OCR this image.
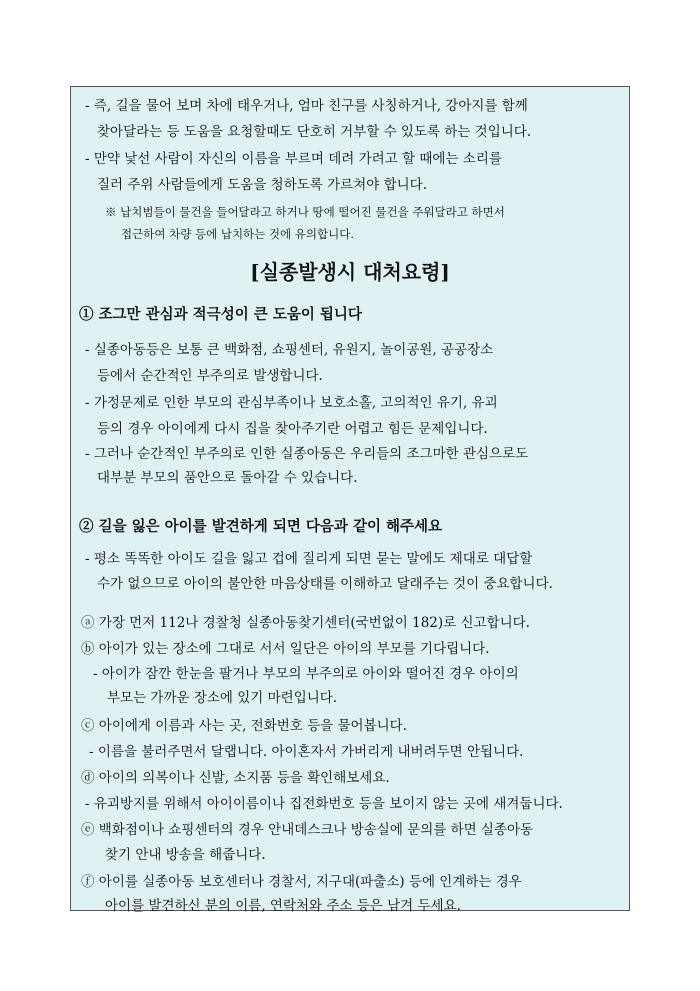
- 즉, 길을 물어 보며 차에 태우거나, 엄마 친구를 사칭하거나, 강아지를 함께
찾아달라는 등 도움을 요청할때도 단호히 거부할 수 있도록 하는 것입니다.
- 만약 낯선 사람이 자신의 이름을 부르며 데려 가려고 할 때에는 소리를
질러 주위 사람들에게 도움을 청하도록 가르쳐야 합니다.
※ 납치범들이 물건을 들어달라고 하거나 땅에 떨어진 물건을 주워달라고 하면서
접근하여 차량 등에 납치하는 것에 유의합니다.
[실종발생시 대처요령]
① 조그만 관심과 적극성이 큰 도움이 됩니다
- 실종아동등은 보통 큰 백화점, 쇼핑센터, 유원지, 놀이공원, 공공장소
등에서 순간적인 부주의로 발생합니다.
- 가정문제로 인한 부모의 관심부족이나 보호소홀, 고의적인 유기, 유괴
등의 경우 아이에게 다시 집을 찾아주기란 어렵고 힘든 문제입니다.
- 그러나 순간적인 부주의로 인한 실종아동은 우리들의 조그마한 관심으로도
대부분 부모의 품안으로 돌아갈 수 있습니다.
② 길을 잃은 아이를 발견하게 되면 다음과 같이 해주세요
- 평소 똑똑한 아이도 길을 잃고 겁에 질리게 되면 묻는 말에도 제대로 대답할
수가 없으므로 아이의 불안한 마음상태를 이해하고 달래주는 것이 중요합니다.
ⓐ 가장 먼저 112나 경찰청 실종아동찾기센터(국번없이 182)로 신고합니다.
ⓑ 아이가 있는 장소에 그대로 서서 일단은 아이의 부모를 기다립니다.
- 아이가 잠깐 한눈을 팔거나 부모의 부주의로 아이와 떨어진 경우 아이의
부모는 가까운 장소에 있기 마련입니다.
ⓒ 아이에게 이름과 사는 곳, 전화번호 등을 물어봅니다.
- 이름을 불러주면서 달랩니다. 아이혼자서 가버리게 내버려두면 안됩니다.
ⓓ 아이의 의복이나 신발, 소지품 등을 확인해보세요.
- 유괴방지를 위해서 아이이름이나 집전화번호 등을 보이지 않는 곳에 새겨둡니다.
ⓔ 백화점이나 쇼핑센터의 경우 안내데스크나 방송실에 문의를 하면 실종아동
찾기 안내 방송을 해줍니다.
ⓕ 아이를 실종아동 보호센터나 경찰서, 지구대(파출소) 등에 인계하는 경우
아이를 발견하신 분의 이름, 연락처와 주소 등은 남겨 두세요.
